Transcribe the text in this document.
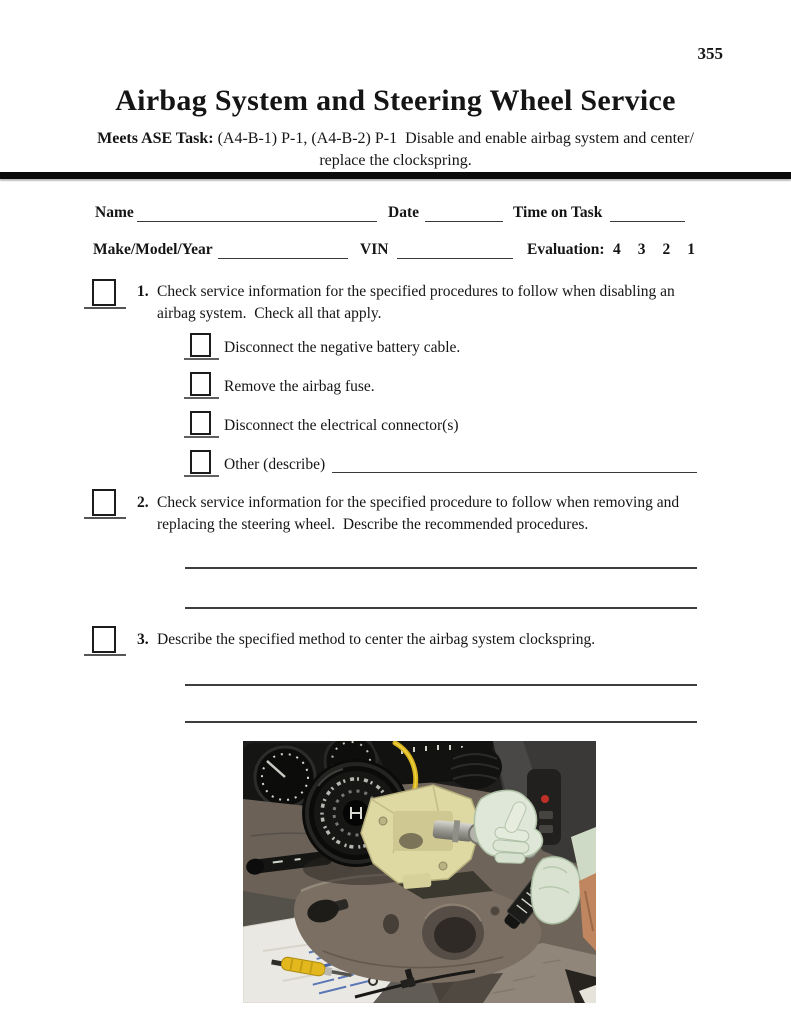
355
Airbag System and Steering Wheel Service
Meets ASE Task: (A4-B-1) P-1, (A4-B-2) P-1  Disable and enable airbag system and center/
replace the clockspring.
Name	Date	Time on Task
Make/Model/Year	VIN	Evaluation: 4 3 2 1
1. Check service information for the specified procedures to follow when disabling an
airbag system.  Check all that apply.
Disconnect the negative battery cable.
Remove the airbag fuse.
Disconnect the electrical connector(s)
Other (describe)
2. Check service information for the specified procedure to follow when removing and
replacing the steering wheel.  Describe the recommended procedures.
3. Describe the specified method to center the airbag system clockspring.
